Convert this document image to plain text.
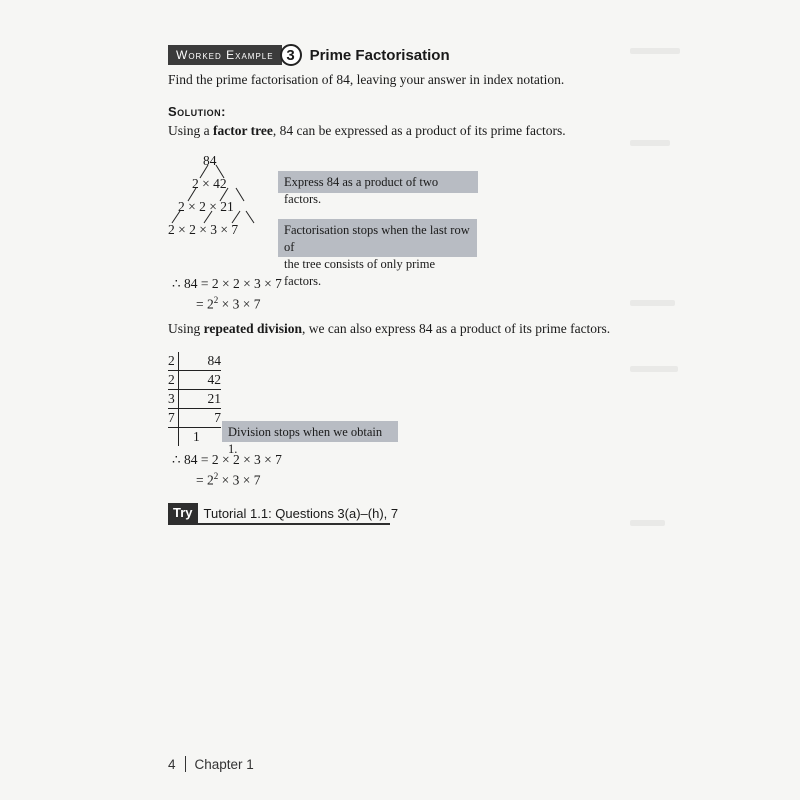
Worked Example 3 Prime Factorisation
Find the prime factorisation of 84, leaving your answer in index notation.
Solution:
Using a factor tree, 84 can be expressed as a product of its prime factors.
84
2 × 42
2 × 2 × 21
2 × 2 × 3 × 7
Express 84 as a product of two factors.
Factorisation stops when the last row of
the tree consists of only prime factors.
∴ 84 = 2 × 2 × 3 × 7
= $2^2 \times 3 \times 7$
Using repeated division, we can also express 84 as a product of its prime factors.
2	84
2	42
3	21
7	7
	1	Division stops when we obtain 1.
∴ 84 = 2 × 2 × 3 × 7
= $2^2 \times 3 \times 7$
Try Tutorial 1.1: Questions 3(a)–(h), 7
4 Chapter 1
